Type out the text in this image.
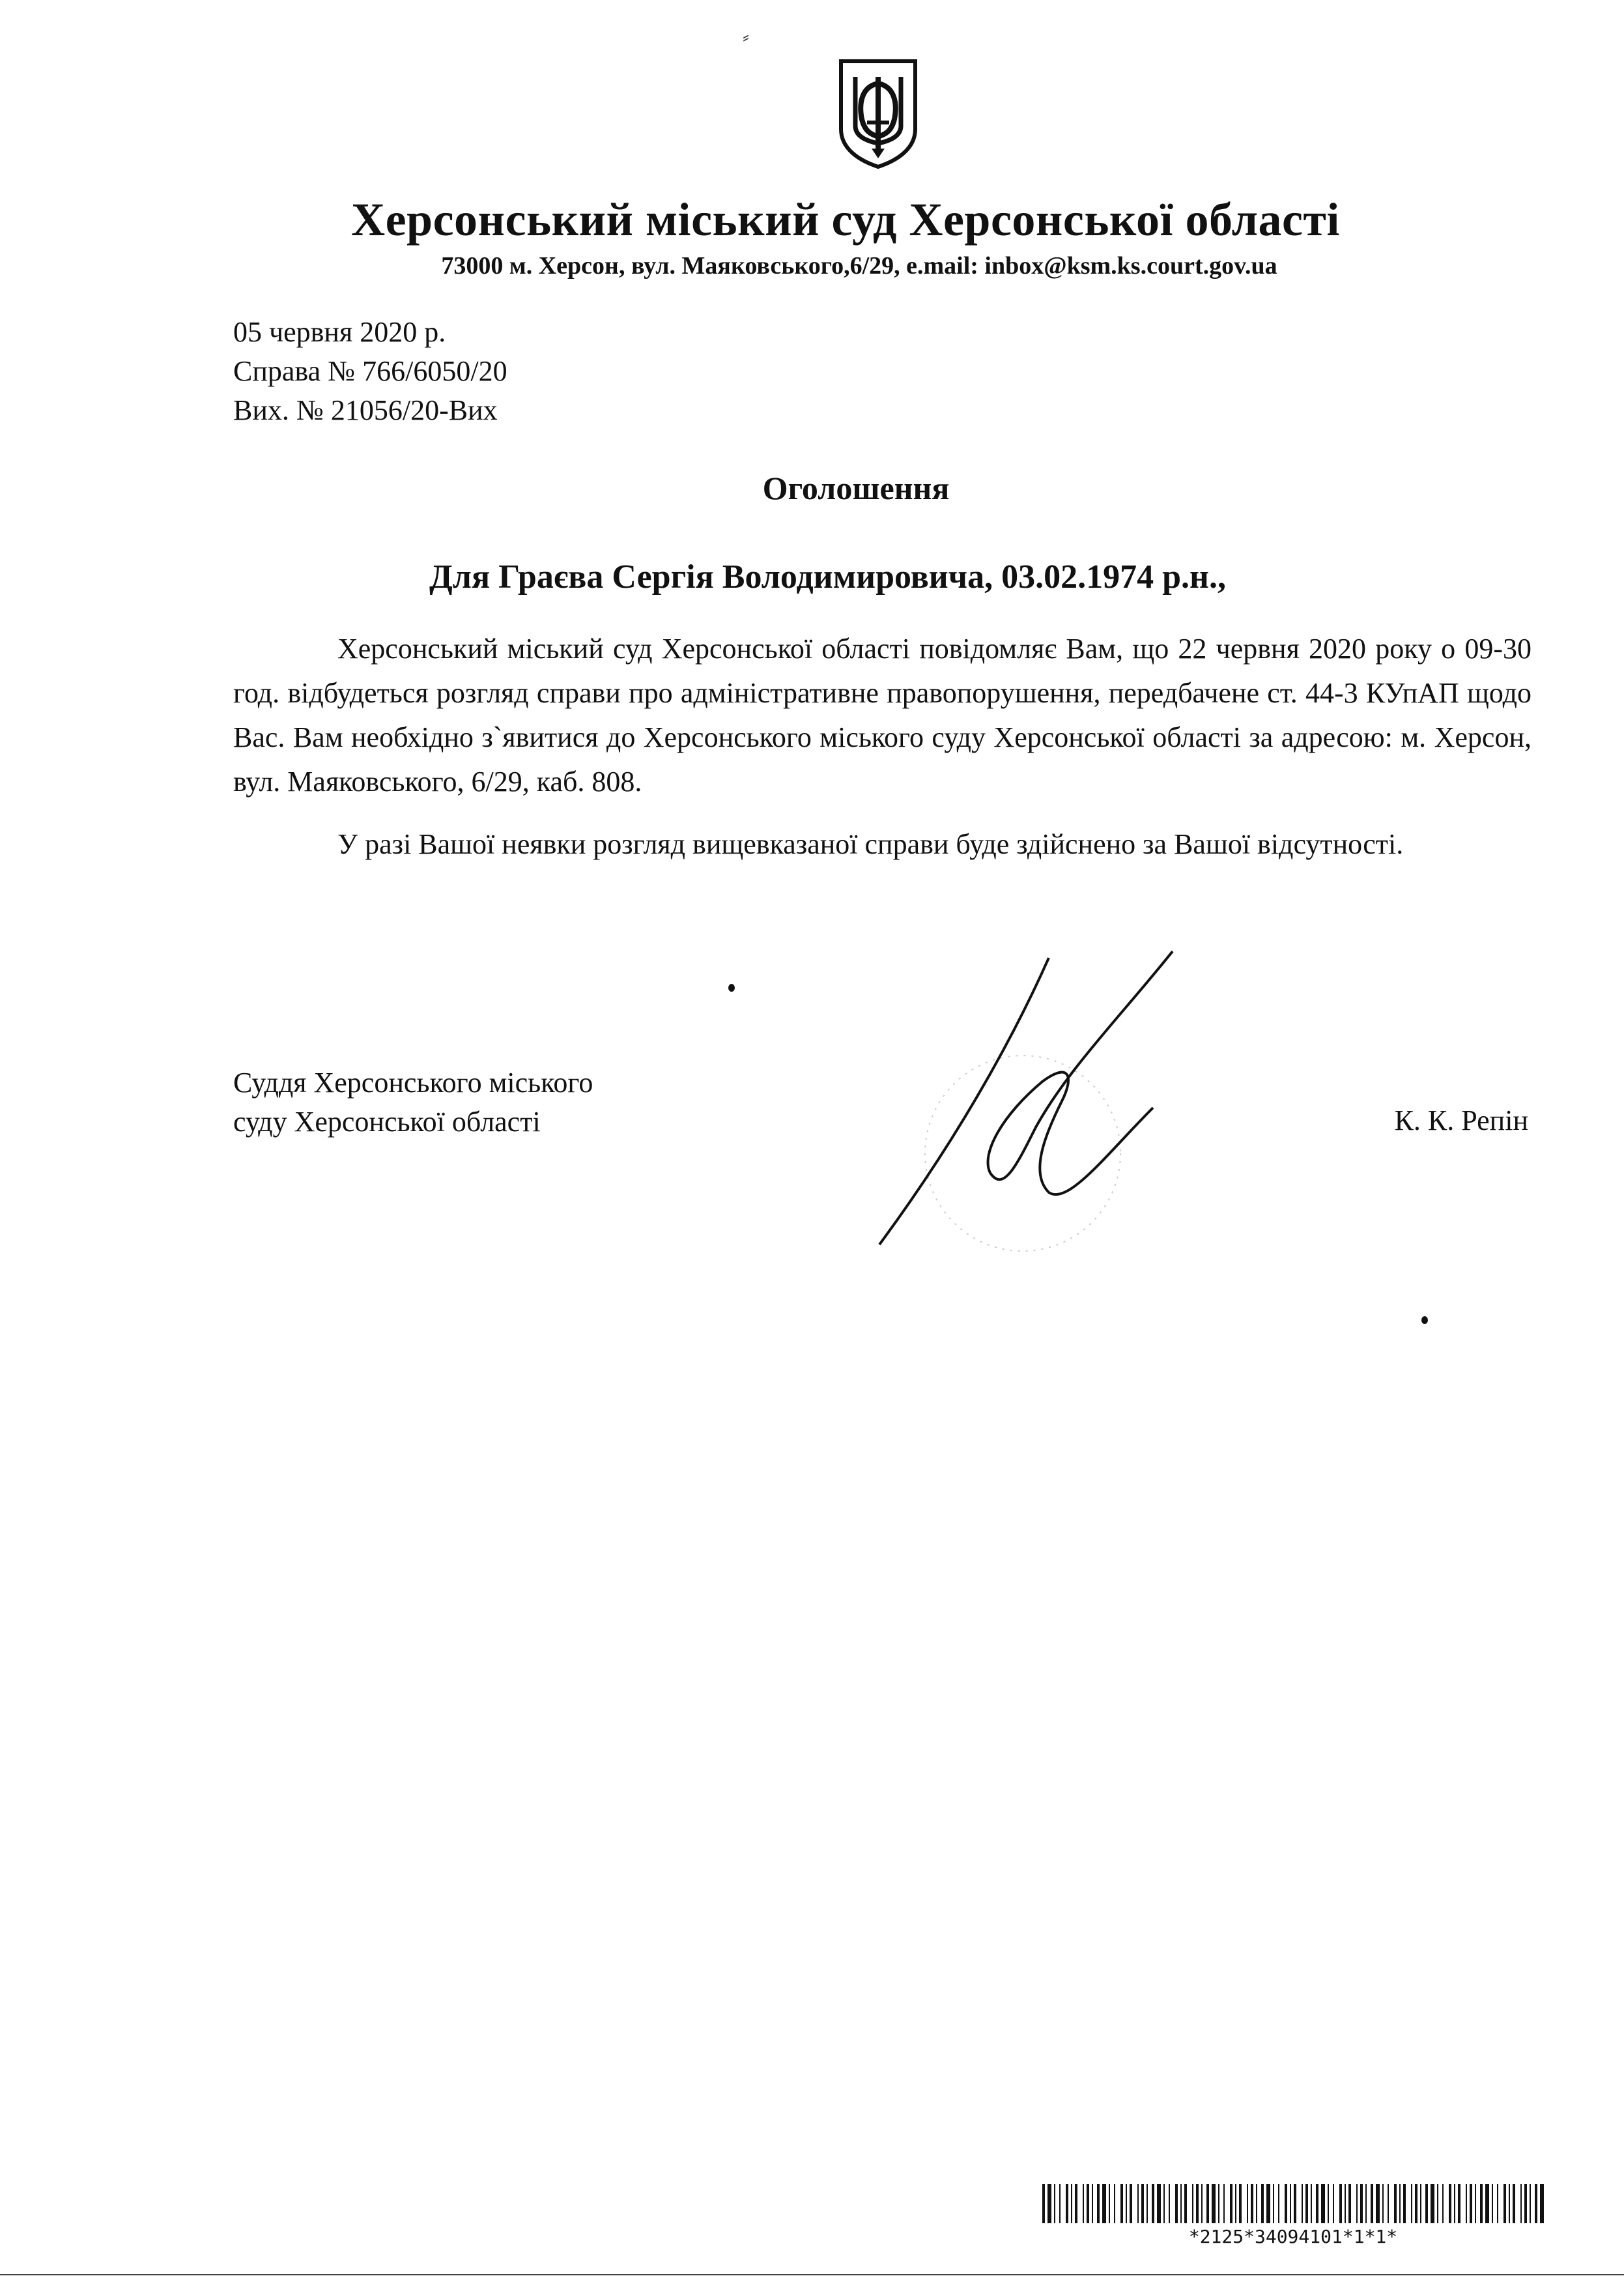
⸗
Херсонський міський суд Херсонської області
73000 м. Херсон, вул. Маяковського,6/29, e.mail: inbox@ksm.ks.court.gov.ua
05 червня 2020 р.
Справа № 766/6050/20
Вих. № 21056/20-Вих
Оголошення
Для Граєва Сергія Володимировича, 03.02.1974 р.н.,
Херсонський міський суд Херсонської області повідомляє Вам, що 22 червня 2020 року о 09-30 год. відбудеться розгляд справи про адміністративне правопорушення, передбачене ст. 44-3 КУпАП щодо Вас. Вам необхідно з`явитися до Херсонського міського суду Херсонської області за адресою: м. Херсон, вул. Маяковського, 6/29, каб. 808.
У разі Вашої неявки розгляд вищевказаної справи буде здійснено за Вашої відсутності.
Суддя Херсонського міського
суду Херсонської області	К. К. Репін
*2125*34094101*1*1*
